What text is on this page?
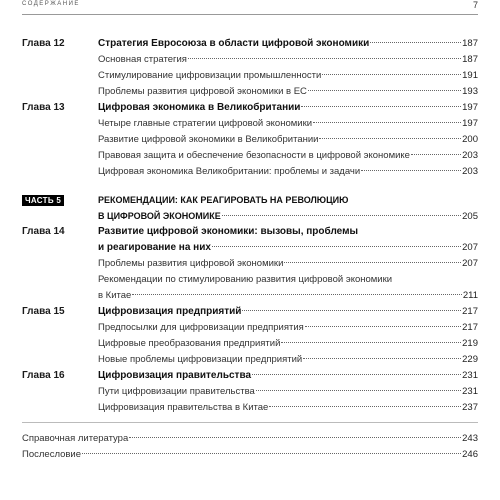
СОДЕРЖАНИЕ	7
Глава 12	Стратегия Евросоюза в области цифровой экономики	187
Основная стратегия	187
Стимулирование цифровизации промышленности	191
Проблемы развития цифровой экономики в ЕС	193
Глава 13	Цифровая экономика в Великобритании	197
Четыре главные стратегии цифровой экономики	197
Развитие цифровой экономики в Великобритании	200
Правовая защита и обеспечение безопасности в цифровой экономике	203
Цифровая экономика Великобритании: проблемы и задачи	203
ЧАСТЬ 5	РЕКОМЕНДАЦИИ: КАК РЕАГИРОВАТЬ НА РЕВОЛЮЦИЮ
В ЦИФРОВОЙ ЭКОНОМИКЕ	205
Глава 14	Развитие цифровой экономики: вызовы, проблемы
и реагирование на них	207
Проблемы развития цифровой экономики	207
Рекомендации по стимулированию развития цифровой экономики
в Китае	211
Глава 15	Цифровизация предприятий	217
Предпосылки для цифровизации предприятия	217
Цифровые преобразования предприятий	219
Новые проблемы цифровизации предприятий	229
Глава 16	Цифровизация правительства	231
Пути цифровизации правительства	231
Цифровизация правительства в Китае	237
Справочная литература	243
Послесловие	246
